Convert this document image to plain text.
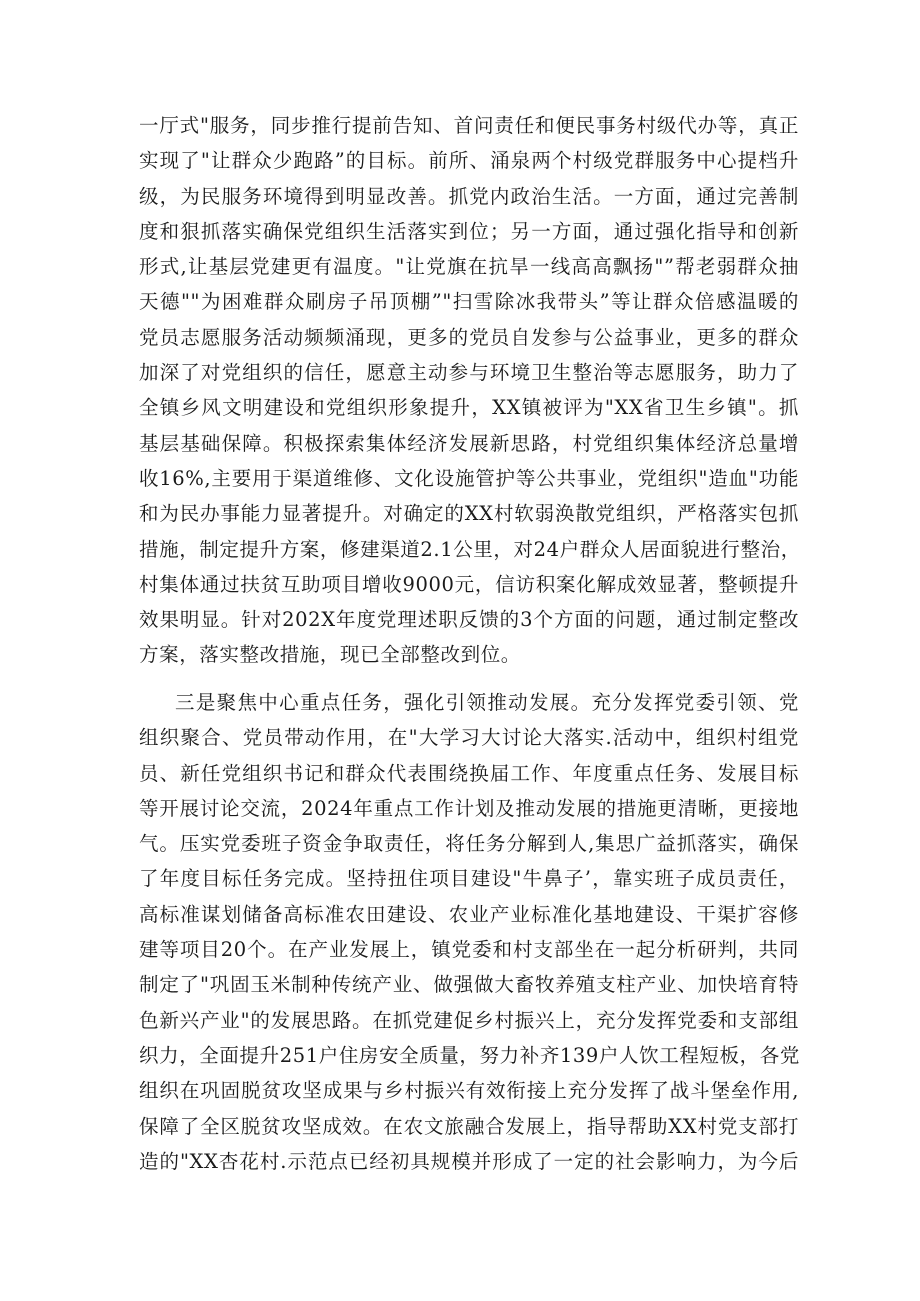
一厅式"服务，同步推行提前告知、首问责任和便民事务村级代办等，真正
实现了"让群众少跑路”的目标。前所、涌泉两个村级党群服务中心提档升
级，为民服务环境得到明显改善。抓党内政治生活。一方面，通过完善制
度和狠抓落实确保党组织生活落实到位；另一方面，通过强化指导和创新
形式,让基层党建更有温度。"让党旗在抗旱一线高高飘扬"”帮老弱群众抽
天德""为困难群众刷房子吊顶棚”"扫雪除冰我带头”等让群众倍感温暖的
党员志愿服务活动频频涌现，更多的党员自发参与公益事业，更多的群众
加深了对党组织的信任，愿意主动参与环境卫生整治等志愿服务，助力了
全镇乡风文明建设和党组织形象提升，XX镇被评为"XX省卫生乡镇"。抓
基层基础保障。积极探索集体经济发展新思路，村党组织集体经济总量增
收16%,主要用于渠道维修、文化设施管护等公共事业，党组织"造血"功能
和为民办事能力显著提升。对确定的XX村软弱涣散党组织，严格落实包抓
措施，制定提升方案，修建渠道2.1公里，对24户群众人居面貌进行整治，
村集体通过扶贫互助项目增收9000元，信访积案化解成效显著，整顿提升
效果明显。针对202X年度党理述职反馈的3个方面的问题，通过制定整改
方案，落实整改措施，现已全部整改到位。
三是聚焦中心重点任务，强化引领推动发展。充分发挥党委引领、党
组织聚合、党员带动作用，在"大学习大讨论大落实.活动中，组织村组党
员、新任党组织书记和群众代表围绕换届工作、年度重点任务、发展目标
等开展讨论交流，2024年重点工作计划及推动发展的措施更清晰，更接地
气。压实党委班子资金争取责任，将任务分解到人,集思广益抓落实，确保
了年度目标任务完成。坚持扭住项目建设"牛鼻子’，靠实班子成员责任，
高标准谋划储备高标准农田建设、农业产业标准化基地建设、干渠扩容修
建等项目20个。在产业发展上，镇党委和村支部坐在一起分析研判，共同
制定了"巩固玉米制种传统产业、做强做大畜牧养殖支柱产业、加快培育特
色新兴产业"的发展思路。在抓党建促乡村振兴上，充分发挥党委和支部组
织力，全面提升251户住房安全质量，努力补齐139户人饮工程短板，各党
组织在巩固脱贫攻坚成果与乡村振兴有效衔接上充分发挥了战斗堡垒作用,
保障了全区脱贫攻坚成效。在农文旅融合发展上，指导帮助XX村党支部打
造的"XX杏花村.示范点已经初具规模并形成了一定的社会影响力，为今后
